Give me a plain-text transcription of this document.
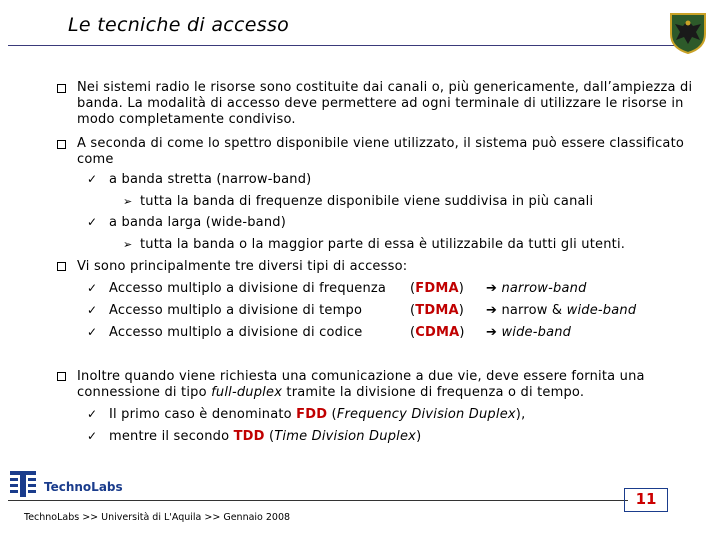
Le tecniche di accesso
Nei sistemi radio le risorse sono costituite dai canali o, più genericamente, dall’ampiezza di
banda. La modalità di accesso deve permettere ad ogni terminale di utilizzare le risorse in
modo completamente condiviso.
A seconda di come lo spettro disponibile viene utilizzato, il sistema può essere classificato
come
✓ a banda stretta (narrow-band)
➢ tutta la banda di frequenze disponibile viene suddivisa in più canali
✓ a banda larga (wide-band)
➢ tutta la banda o la maggior parte di essa è utilizzabile da tutti gli utenti.
Vi sono principalmente tre diversi tipi di accesso:
✓ Accesso multiplo a divisione di frequenza (FDMA) ➔ narrow-band
✓ Accesso multiplo a divisione di tempo	(TDMA) ➔ narrow & wide-band
✓ Accesso multiplo a divisione di codice	(CDMA) ➔ wide-band
Inoltre quando viene richiesta una comunicazione a due vie, deve essere fornita una
connessione di tipo full-duplex tramite la divisione di frequenza o di tempo.
✓ Il primo caso è denominato FDD (Frequency Division Duplex),
✓ mentre il secondo TDD (Time Division Duplex)
TechnoLabs
TechnoLabs >> Università di L'Aquila >> Gennaio 2008
11
